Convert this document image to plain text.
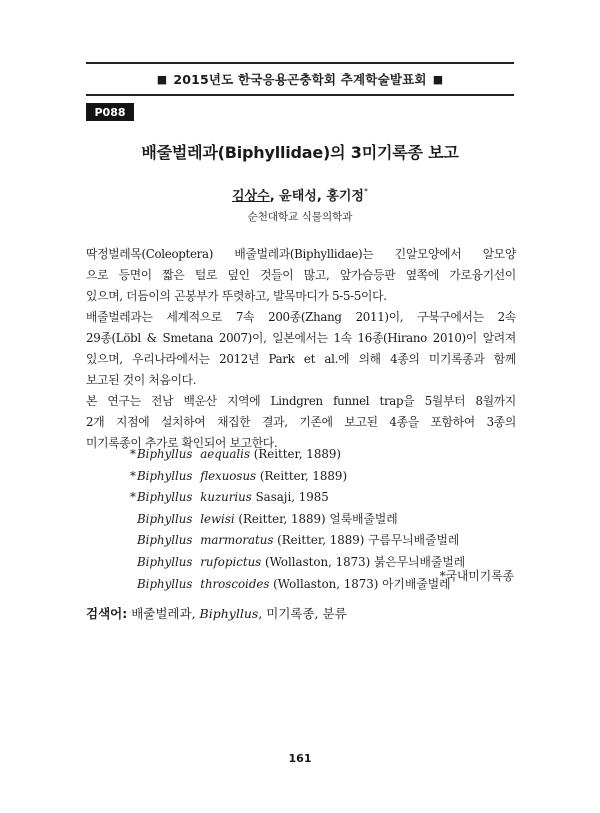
■ 2015년도 한국응용곤충학회 추계학술발표회 ■
P088
배줄벌레과(Biphyllidae)의 3미기록종 보고
김상수, 윤태성, 홍기정*
순천대학교 식물의학과
딱정벌레목(Coleoptera) 배줄벌레과(Biphyllidae)는 긴알모양에서 알모양
으로 등면이 짧은 털로 덮인 것들이 많고, 앞가슴등판 옆쪽에 가로융기선이
있으며, 더듬이의 곤봉부가 뚜렷하고, 발목마디가 5-5-5이다.
배줄벌레과는 세계적으로 7속 200종(Zhang 2011)이, 구북구에서는 2속
29종(Löbl & Smetana 2007)이, 일본에서는 1속 16종(Hirano 2010)이 알려져
있으며, 우리나라에서는 2012년 Park et al.에 의해 4종의 미기록종과 함께
보고된 것이 처음이다.
본 연구는 전남 백운산 지역에 Lindgren funnel trap을 5월부터 8월까지
2개 지점에 설치하여 채집한 결과, 기존에 보고된 4종을 포함하여 3종의
미기록종이 추가로 확인되어 보고한다.
*Biphyllus aequalis (Reitter, 1889)
*Biphyllus flexuosus (Reitter, 1889)
*Biphyllus kuzurius Sasaji, 1985
Biphyllus lewisi (Reitter, 1889) 얼룩배줄벌레
Biphyllus marmoratus (Reitter, 1889) 구름무늬배줄벌레
Biphyllus rufopictus (Wollaston, 1873) 붉은무늬배줄벌레
Biphyllus throscoides (Wollaston, 1873) 아기배줄벌레
*국내미기록종
검색어: 배줄벌레과, Biphyllus, 미기록종, 분류
161
